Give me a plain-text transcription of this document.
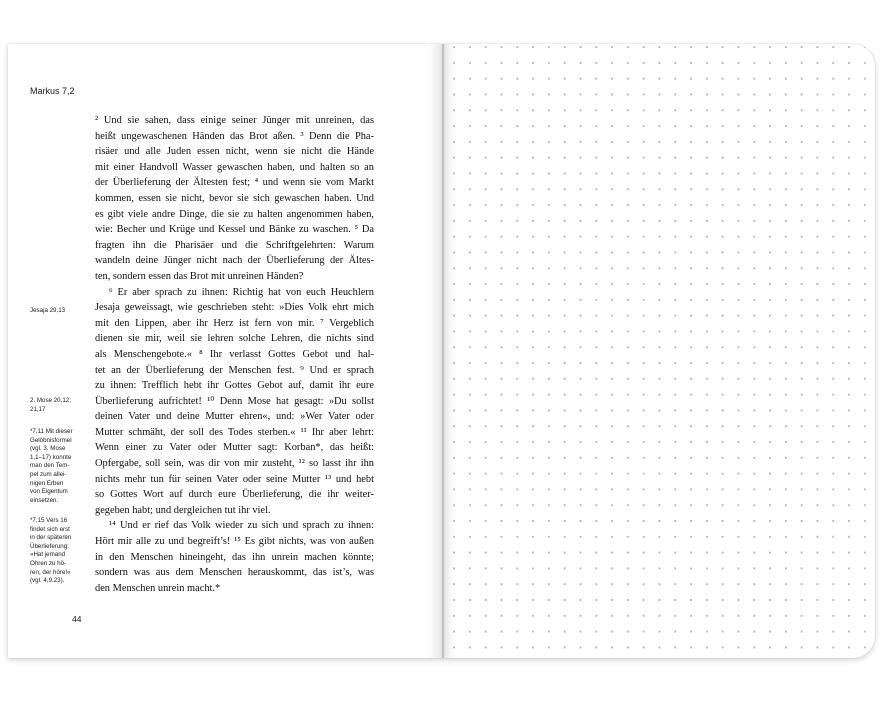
Markus 7,2
² Und sie sahen, dass einige seiner Jünger mit unreinen, das
heißt ungewaschenen Händen das Brot aßen. ³ Denn die Pha-
risäer und alle Juden essen nicht, wenn sie nicht die Hände
mit einer Handvoll Wasser gewaschen haben, und halten so an
der Überlieferung der Ältesten fest; ⁴ und wenn sie vom Markt
kommen, essen sie nicht, bevor sie sich gewaschen haben. Und
es gibt viele andre Dinge, die sie zu halten angenommen haben,
wie: Becher und Krüge und Kessel und Bänke zu waschen. ⁵ Da
fragten ihn die Pharisäer und die Schriftgelehrten: Warum
wandeln deine Jünger nicht nach der Überlieferung der Ältes-
ten, sondern essen das Brot mit unreinen Händen?
⁶ Er aber sprach zu ihnen: Richtig hat von euch Heuchlern
Jesaja geweissagt, wie geschrieben steht: »Dies Volk ehrt mich
mit den Lippen, aber ihr Herz ist fern von mir. ⁷ Vergeblich
dienen sie mir, weil sie lehren solche Lehren, die nichts sind
als Menschengebote.« ⁸ Ihr verlasst Gottes Gebot und hal-
tet an der Überlieferung der Menschen fest. ⁹ Und er sprach
zu ihnen: Trefflich hebt ihr Gottes Gebot auf, damit ihr eure
Überlieferung aufrichtet! ¹⁰ Denn Mose hat gesagt: »Du sollst
deinen Vater und deine Mutter ehren«, und: »Wer Vater oder
Mutter schmäht, der soll des Todes sterben.« ¹¹ Ihr aber lehrt:
Wenn einer zu Vater oder Mutter sagt: Korban*, das heißt:
Opfergabe, soll sein, was dir von mir zusteht, ¹² so lasst ihr ihn
nichts mehr tun für seinen Vater oder seine Mutter ¹³ und hebt
so Gottes Wort auf durch eure Überlieferung, die ihr weiter-
gegeben habt; und dergleichen tut ihr viel.
¹⁴ Und er rief das Volk wieder zu sich und sprach zu ihnen:
Hört mir alle zu und begreift’s! ¹⁵ Es gibt nichts, was von außen
in den Menschen hineingeht, das ihn unrein machen könnte;
sondern was aus dem Menschen herauskommt, das ist’s, was
den Menschen unrein macht.*
Jesaja 29,13
2. Mose 20,12;
21,17
*7,11 Mit dieser
Gelöbnisformel
(vgl. 3. Mose
1,1–17) konnte
man den Tem-
pel zum allei-
nigen Erben
von Eigentum
einsetzen.
*7,15 Vers 16
findet sich erst
in der späteren
Überlieferung:
»Hat jemand
Ohren zu hö-
ren, der höre!«
(vgl. 4,9.23).
44
